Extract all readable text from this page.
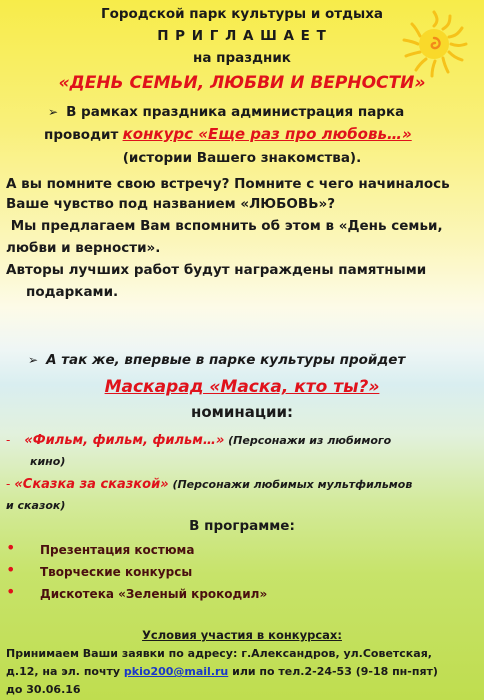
Городской парк культуры и отдыха
П Р И Г Л А Ш А Е Т
на праздник
«ДЕНЬ СЕМЬИ, ЛЮБВИ И ВЕРНОСТИ»
➢ В рамках праздника администрация парка
проводит конкурс «Еще раз про любовь…»
(истории Вашего знакомства).
А вы помните свою встречу? Помните с чего начиналось
Ваше чувство под названием «ЛЮБОВЬ»?
Мы предлагаем Вам вспомнить об этом в «День семьи,
любви и верности».
Авторы лучших работ будут награждены памятными
подарками.
➢ А так же, впервые в парке культуры пройдет
Маскарад «Маска, кто ты?»
номинации:
- «Фильм, фильм, фильм…» (Персонажи из любимого
кино)
- «Сказка за сказкой» (Персонажи любимых мультфильмов
и сказок)
В программе:
Презентация костюма
•
Творческие конкурсы
•
Дискотека «Зеленый крокодил»
•
Условия участия в конкурсах:
Принимаем Ваши заявки по адресу: г.Александров, ул.Советская,
д.12, на эл. почту pkio200@mail.ru или по тел.2-24-53 (9-18 пн-пят)
до 30.06.16
